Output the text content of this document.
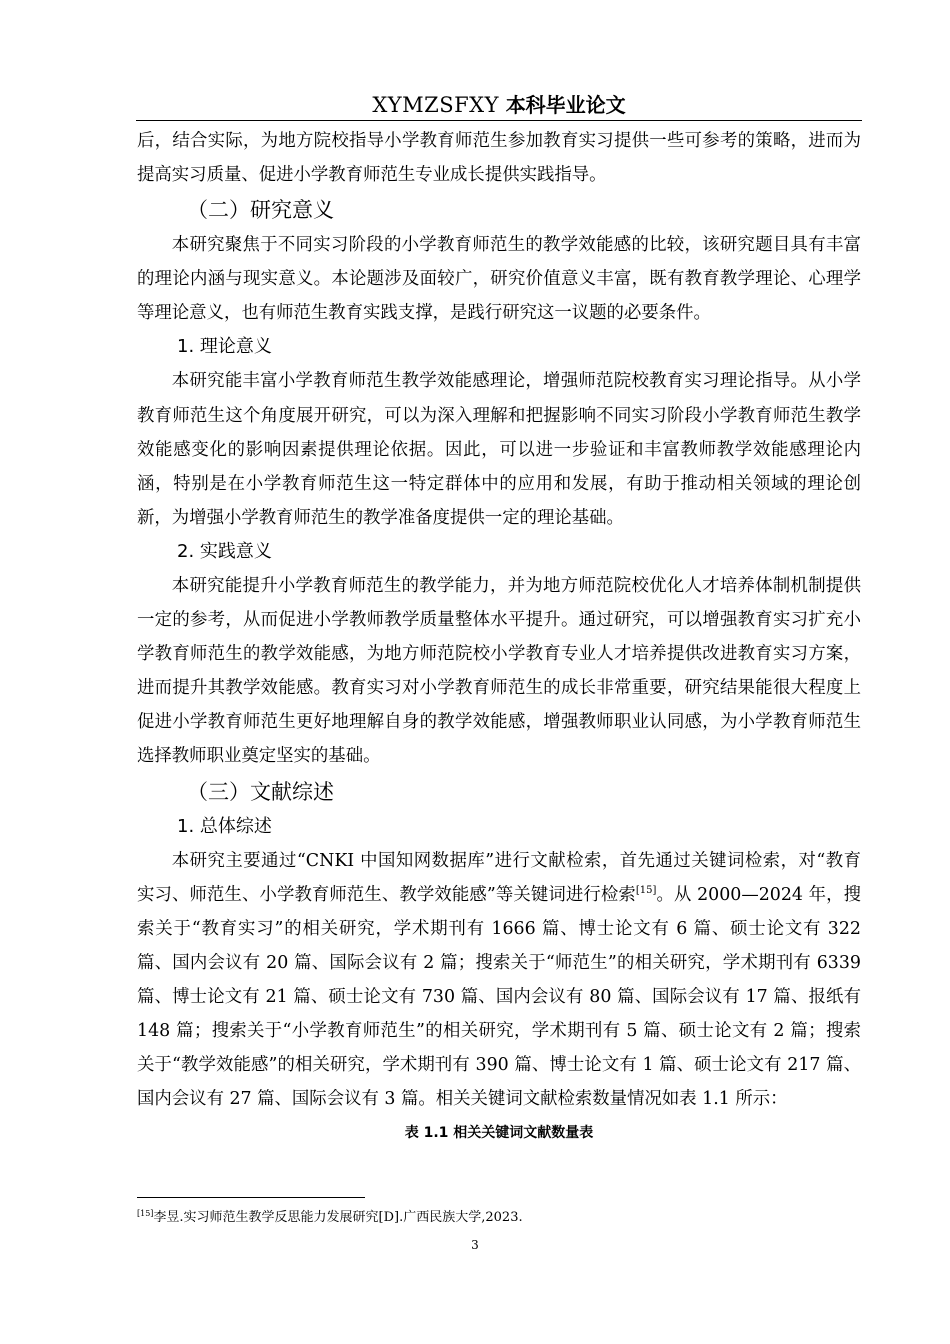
XYMZSFXY 本科毕业论文

后，结合实际，为地方院校指导小学教育师范生参加教育实习提供一些可参考的策略，进而为提高实习质量、促进小学教育师范生专业成长提供实践指导。

（二）研究意义

本研究聚焦于不同实习阶段的小学教育师范生的教学效能感的比较，该研究题目具有丰富的理论内涵与现实意义。本论题涉及面较广，研究价值意义丰富，既有教育教学理论、心理学等理论意义，也有师范生教育实践支撑，是践行研究这一议题的必要条件。

1. 理论意义

本研究能丰富小学教育师范生教学效能感理论，增强师范院校教育实习理论指导。从小学教育师范生这个角度展开研究，可以为深入理解和把握影响不同实习阶段小学教育师范生教学效能感变化的影响因素提供理论依据。因此，可以进一步验证和丰富教师教学效能感理论内涵，特别是在小学教育师范生这一特定群体中的应用和发展，有助于推动相关领域的理论创新，为增强小学教育师范生的教学准备度提供一定的理论基础。

2. 实践意义

本研究能提升小学教育师范生的教学能力，并为地方师范院校优化人才培养体制机制提供一定的参考，从而促进小学教师教学质量整体水平提升。通过研究，可以增强教育实习扩充小学教育师范生的教学效能感，为地方师范院校小学教育专业人才培养提供改进教育实习方案，进而提升其教学效能感。教育实习对小学教育师范生的成长非常重要，研究结果能很大程度上促进小学教育师范生更好地理解自身的教学效能感，增强教师职业认同感，为小学教育师范生选择教师职业奠定坚实的基础。

（三）文献综述
1. 总体综述

本研究主要通过“CNKI 中国知网数据库”进行文献检索，首先通过关键词检索，对“教育实习、师范生、小学教育师范生、教学效能感”等关键词进行检索[15]。从 2000—2024 年，搜索关于“教育实习”的相关研究，学术期刊有 1666 篇、博士论文有 6 篇、硕士论文有 322 篇、国内会议有 20 篇、国际会议有 2 篇；搜索关于“师范生”的相关研究，学术期刊有 6339 篇、博士论文有 21 篇、硕士论文有 730 篇、国内会议有 80 篇、国际会议有 17 篇、报纸有 148 篇；搜索关于“小学教育师范生”的相关研究，学术期刊有 5 篇、硕士论文有 2 篇；搜索关于“教学效能感”的相关研究，学术期刊有 390 篇、博士论文有 1 篇、硕士论文有 217 篇、国内会议有 27 篇、国际会议有 3 篇。相关关键词文献检索数量情况如表 1.1 所示：

表 1.1 相关关键词文献数量表
[15]李昱.实习师范生教学反思能力发展研究[D].广西民族大学,2023.
3
